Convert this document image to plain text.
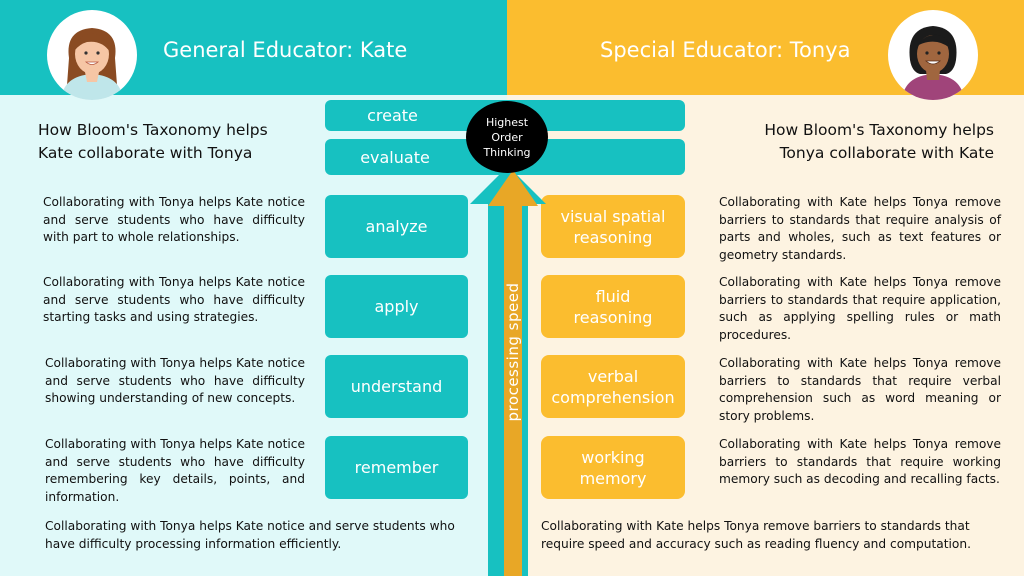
General Educator: Kate	Special Educator: Tonya
How Bloom's Taxonomy helps
Kate collaborate with Tonya
How Bloom's Taxonomy helps
Tonya collaborate with Kate
create
evaluate
analyze
apply
understand
remember
visual spatial
reasoning
fluid
reasoning
verbal
comprehension
working
memory
processing speed
Highest
Order
Thinking
Collaborating with Tonya helps Kate notice and serve students who have difficulty with part to whole relationships.
Collaborating with Tonya helps Kate notice and serve students who have difficulty starting tasks and using strategies.
Collaborating with Tonya helps Kate notice and serve students who have difficulty showing understanding of new concepts.
Collaborating with Tonya helps Kate notice and serve students who have difficulty remembering key details, points, and information.
Collaborating with Tonya helps Kate notice and serve students who have difficulty processing information efficiently.
Collaborating with Kate helps Tonya remove barriers to standards that require analysis of parts and wholes, such as text features or geometry standards.
Collaborating with Kate helps Tonya remove barriers to standards that require application, such as applying spelling rules or math procedures.
Collaborating with Kate helps Tonya remove barriers to standards that require verbal comprehension such as word meaning or story problems.
Collaborating with Kate helps Tonya remove barriers to standards that require working memory such as decoding and recalling facts.
Collaborating with Kate helps Tonya remove barriers to standards that require speed and accuracy such as reading fluency and computation.
